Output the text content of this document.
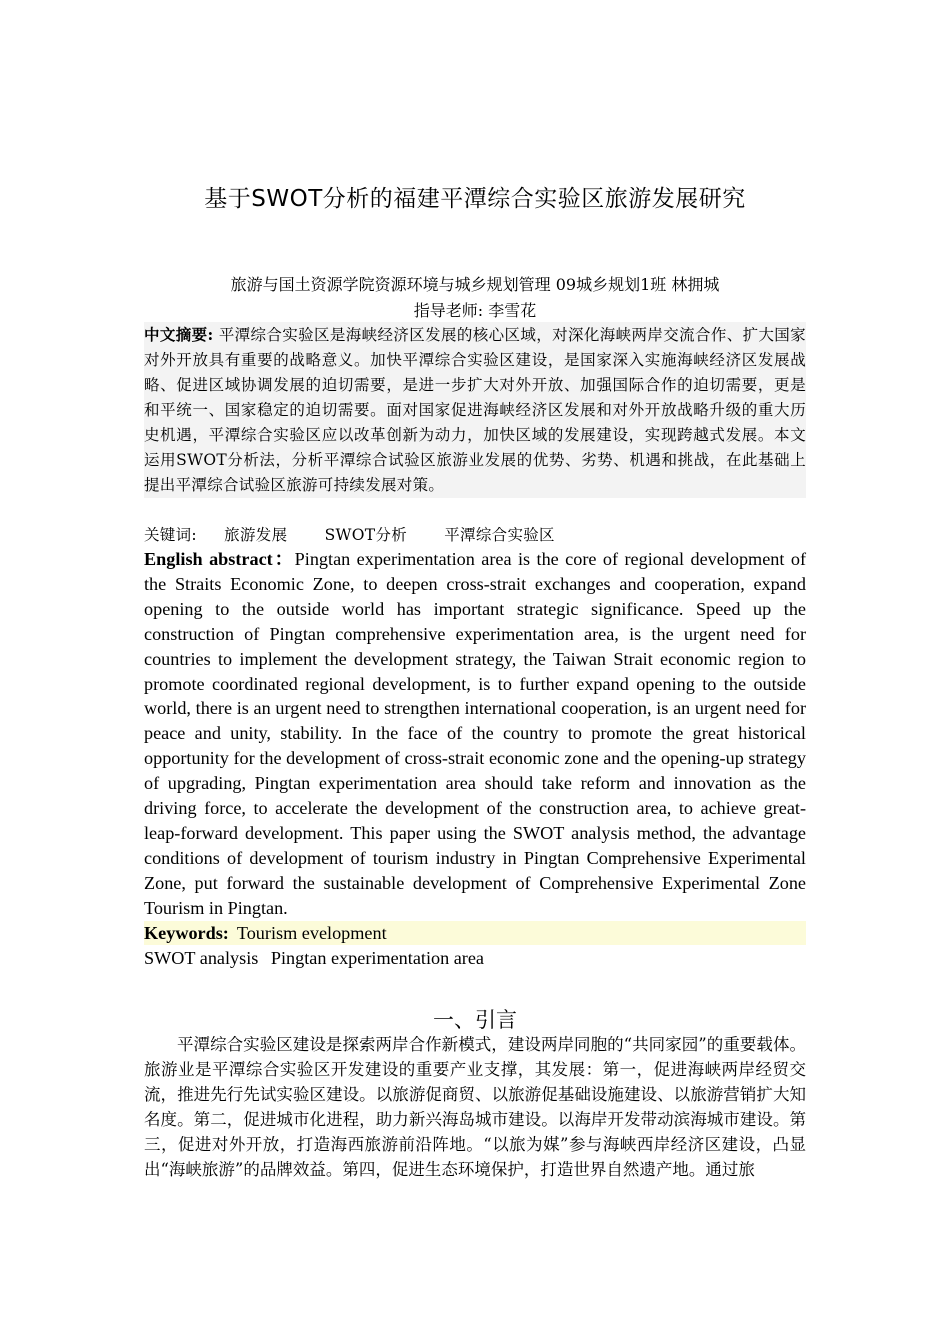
基于SWOT分析的福建平潭综合实验区旅游发展研究
旅游与国土资源学院资源环境与城乡规划管理 09城乡规划1班 林拥城
指导老师: 李雪花
中文摘要: 平潭综合实验区是海峡经济区发展的核心区域，对深化海峡两岸交流合作、扩大国家对外开放具有重要的战略意义。加快平潭综合实验区建设，是国家深入实施海峡经济区发展战略、促进区域协调发展的迫切需要，是进一步扩大对外开放、加强国际合作的迫切需要，更是和平统一、国家稳定的迫切需要。面对国家促进海峡经济区发展和对外开放战略升级的重大历史机遇，平潭综合实验区应以改革创新为动力，加快区域的发展建设，实现跨越式发展。本文运用SWOT分析法，分析平潭综合试验区旅游业发展的优势、劣势、机遇和挑战，在此基础上提出平潭综合试验区旅游可持续发展对策。
关键词: 旅游发展 SWOT分析 平潭综合实验区
English abstract：Pingtan experimentation area is the core of regional development of the Straits Economic Zone, to deepen cross-strait exchanges and cooperation, expand opening to the outside world has important strategic significance. Speed up the construction of Pingtan comprehensive experimentation area, is the urgent need for countries to implement the development strategy, the Taiwan Strait economic region to promote coordinated regional development, is to further expand opening to the outside world, there is an urgent need to strengthen international cooperation, is an urgent need for peace and unity, stability. In the face of the country to promote the great historical opportunity for the development of cross-strait economic zone and the opening-up strategy of upgrading, Pingtan experimentation area should take reform and innovation as the driving force, to accelerate the development of the construction area, to achieve great-leap-forward development. This paper using the SWOT analysis method, the advantage conditions of development of tourism industry in Pingtan Comprehensive Experimental Zone, put forward the sustainable development of Comprehensive Experimental Zone Tourism in Pingtan.
Keywords: Tourism evelopment
SWOT analysis Pingtan experimentation area
一、引言
平潭综合实验区建设是探索两岸合作新模式，建设两岸同胞的“共同家园”的重要载体。旅游业是平潭综合实验区开发建设的重要产业支撑，其发展：第一，促进海峡两岸经贸交流，推进先行先试实验区建设。以旅游促商贸、以旅游促基础设施建设、以旅游营销扩大知名度。第二，促进城市化进程，助力新兴海岛城市建设。以海岸开发带动滨海城市建设。第三，促进对外开放，打造海西旅游前沿阵地。“以旅为媒”参与海峡西岸经济区建设，凸显出“海峡旅游”的品牌效益。第四，促进生态环境保护，打造世界自然遗产地。通过旅
